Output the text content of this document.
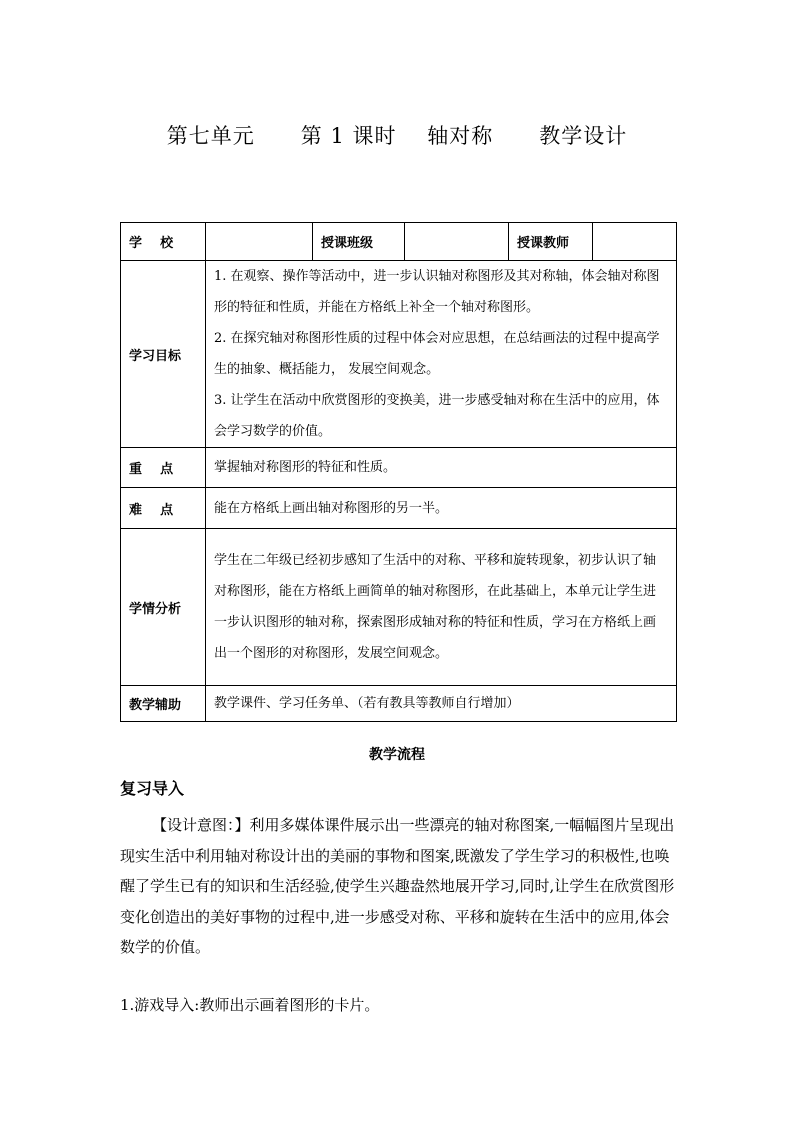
第七单元      第 1 课时    轴对称      教学设计
学    校		授课班级		授课教师	
学习目标	1. 在观察、操作等活动中，进一步认识轴对称图形及其对称轴，体会轴对称图形的特征和性质，并能在方格纸上补全一个轴对称图形。

2. 在探究轴对称图形性质的过程中体会对应思想，在总结画法的过程中提高学生的抽象、概括能力， 发展空间观念。

3. 让学生在活动中欣赏图形的变换美，进一步感受轴对称在生活中的应用，体会学习数学的价值。				

重    点	掌握轴对称图形的特征和性质。				
难    点	能在方格纸上画出轴对称图形的另一半。				
学情分析	学生在二年级已经初步感知了生活中的对称、平移和旋转现象，初步认识了轴对称图形，能在方格纸上画简单的轴对称图形，在此基础上，本单元让学生进一步认识图形的轴对称，探索图形成轴对称的特征和性质，学习在方格纸上画出一个图形的对称图形，发展空间观念。				
教学辅助	教学课件、学习任务单、（若有教具等教师自行增加）				
教学流程
复习导入

【设计意图：】利用多媒体课件展示出一些漂亮的轴对称图案,一幅幅图片呈现出现实生活中利用轴对称设计出的美丽的事物和图案,既激发了学生学习的积极性,也唤醒了学生已有的知识和生活经验,使学生兴趣盎然地展开学习,同时,让学生在欣赏图形变化创造出的美好事物的过程中,进一步感受对称、平移和旋转在生活中的应用,体会数学的价值。

1.游戏导入:教师出示画着图形的卡片。
